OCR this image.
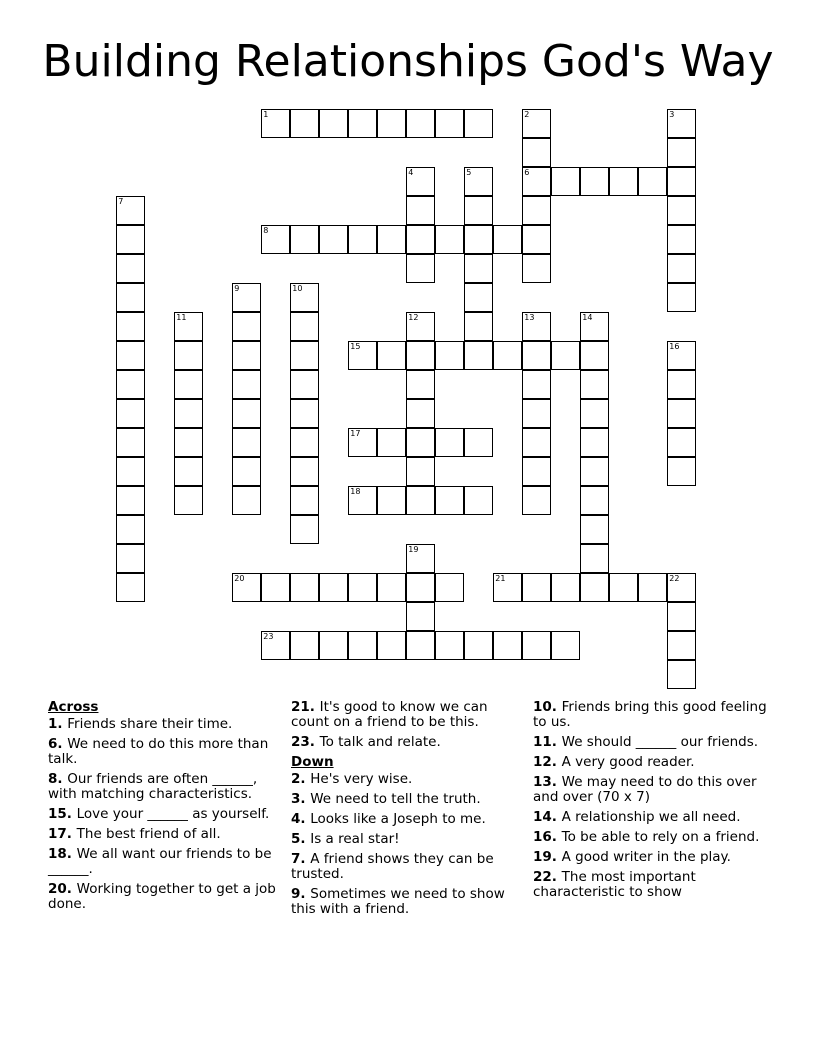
Building Relationships God's Way
1	2
6
3
4	5
7
8
9	10
11	12	13	14
15	16
17
18
19
20	21	22
23
Across
1. Friends share their time.
6. We need to do this more than talk.
8. Our friends are often ______, with matching characteristics.
15. Love your ______ as yourself.
17. The best friend of all.
18. We all want our friends to be ______.
20. Working together to get a job done.
21. It's good to know we can count on a friend to be this.
23. To talk and relate.
Down
2. He's very wise.
3. We need to tell the truth.
4. Looks like a Joseph to me.
5. Is a real star!
7. A friend shows they can be trusted.
9. Sometimes we need to show this with a friend.
10. Friends bring this good feeling to us.
11. We should ______ our friends.
12. A very good reader.
13. We may need to do this over and over (70 x 7)
14. A relationship we all need.
16. To be able to rely on a friend.
19. A good writer in the play.
22. The most important characteristic to show
